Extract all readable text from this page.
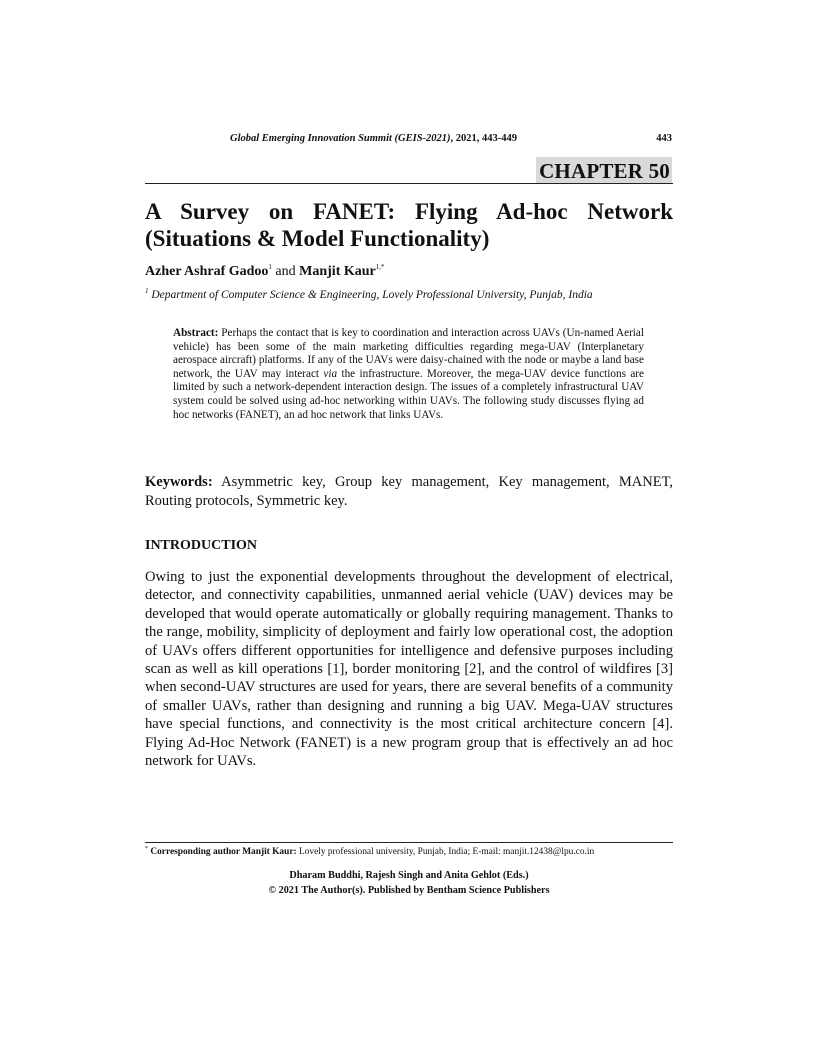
Global Emerging Innovation Summit (GEIS-2021), 2021, 443-449	443
CHAPTER 50
A Survey on FANET: Flying Ad-hoc Network
(Situations & Model Functionality)
Azher Ashraf Gadoo$^1$ and Manjit Kaur$^{1,*}$
$^1$ Department of Computer Science & Engineering, Lovely Professional University, Punjab, India

Abstract: Perhaps the contact that is key to coordination and interaction across UAVs (Un-named Aerial vehicle) has been some of the main marketing difficulties regarding mega-UAV (Interplanetary aerospace aircraft) platforms. If any of the UAVs were daisy-chained with the node or maybe a land base network, the UAV may interact via the infrastructure. Moreover, the mega-UAV device functions are limited by such a network-dependent interaction design. The issues of a completely infrastructural UAV system could be solved using ad-hoc networking within UAVs. The following study discusses flying ad hoc networks (FANET), an ad hoc network that links UAVs.

Keywords: Asymmetric key, Group key management, Key management, MANET, Routing protocols, Symmetric key.

INTRODUCTION

Owing to just the exponential developments throughout the development of electrical, detector, and connectivity capabilities, unmanned aerial vehicle (UAV) devices may be developed that would operate automatically or globally requiring management. Thanks to the range, mobility, simplicity of deployment and fairly low operational cost, the adoption of UAVs offers different opportunities for intelligence and defensive purposes including scan as well as kill operations [1], border monitoring [2], and the control of wildfires [3] when second-UAV structures are used for years, there are several benefits of a community of smaller UAVs, rather than designing and running a big UAV. Mega-UAV structures have special functions, and connectivity is the most critical architecture concern [4]. Flying Ad-Hoc Network (FANET) is a new program group that is effectively an ad hoc network for UAVs.

* Corresponding author Manjit Kaur: Lovely professional university, Punjab, India; E-mail: manjit.12438@lpu.co.in
Dharam Buddhi, Rajesh Singh and Anita Gehlot (Eds.)
© 2021 The Author(s). Published by Bentham Science Publishers
